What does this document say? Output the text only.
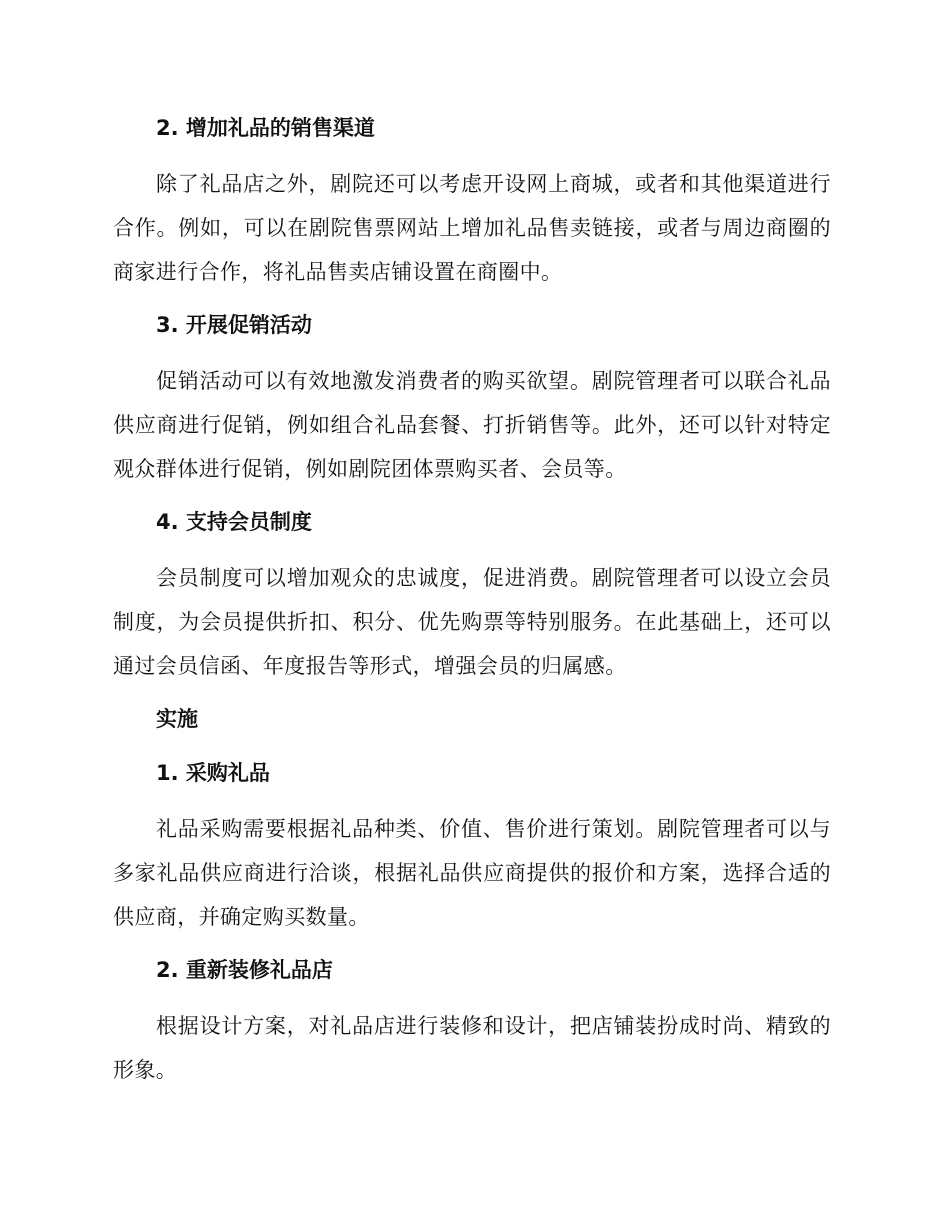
2. 增加礼品的销售渠道

除了礼品店之外，剧院还可以考虑开设网上商城，或者和其他渠道进行合作。例如，可以在剧院售票网站上增加礼品售卖链接，或者与周边商圈的商家进行合作，将礼品售卖店铺设置在商圈中。

3. 开展促销活动

促销活动可以有效地激发消费者的购买欲望。剧院管理者可以联合礼品供应商进行促销，例如组合礼品套餐、打折销售等。此外，还可以针对特定观众群体进行促销，例如剧院团体票购买者、会员等。

4. 支持会员制度

会员制度可以增加观众的忠诚度，促进消费。剧院管理者可以设立会员制度，为会员提供折扣、积分、优先购票等特别服务。在此基础上，还可以通过会员信函、年度报告等形式，增强会员的归属感。

实施
1. 采购礼品

礼品采购需要根据礼品种类、价值、售价进行策划。剧院管理者可以与多家礼品供应商进行洽谈，根据礼品供应商提供的报价和方案，选择合适的供应商，并确定购买数量。

2. 重新装修礼品店

根据设计方案，对礼品店进行装修和设计，把店铺装扮成时尚、精致的形象。
